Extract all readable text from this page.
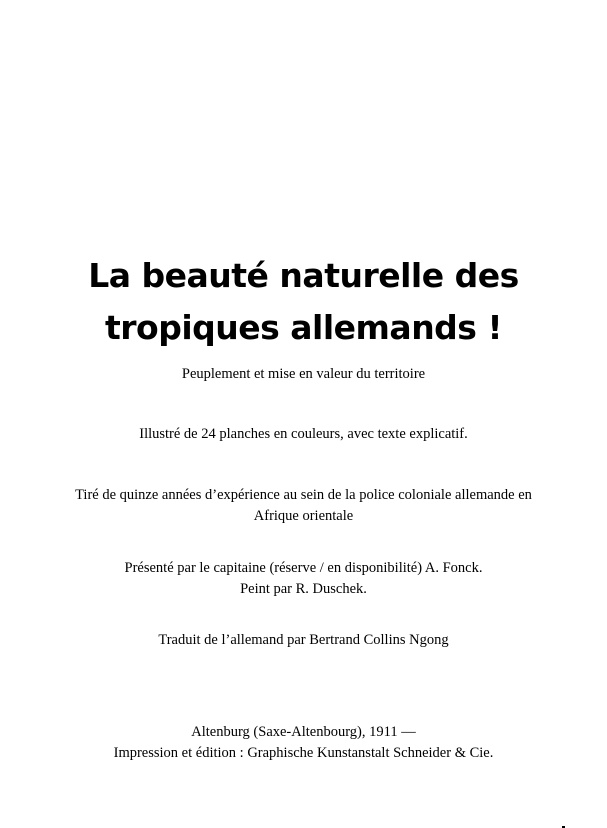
La beauté naturelle des
tropiques allemands !
Peuplement et mise en valeur du territoire
Illustré de 24 planches en couleurs, avec texte explicatif.
Tiré de quinze années d’expérience au sein de la police coloniale allemande en
Afrique orientale
Présenté par le capitaine (réserve / en disponibilité) A. Fonck.
Peint par R. Duschek.
Traduit de l’allemand par Bertrand Collins Ngong
Altenburg (Saxe-Altenbourg), 1911 —
Impression et édition : Graphische Kunstanstalt Schneider & Cie.
